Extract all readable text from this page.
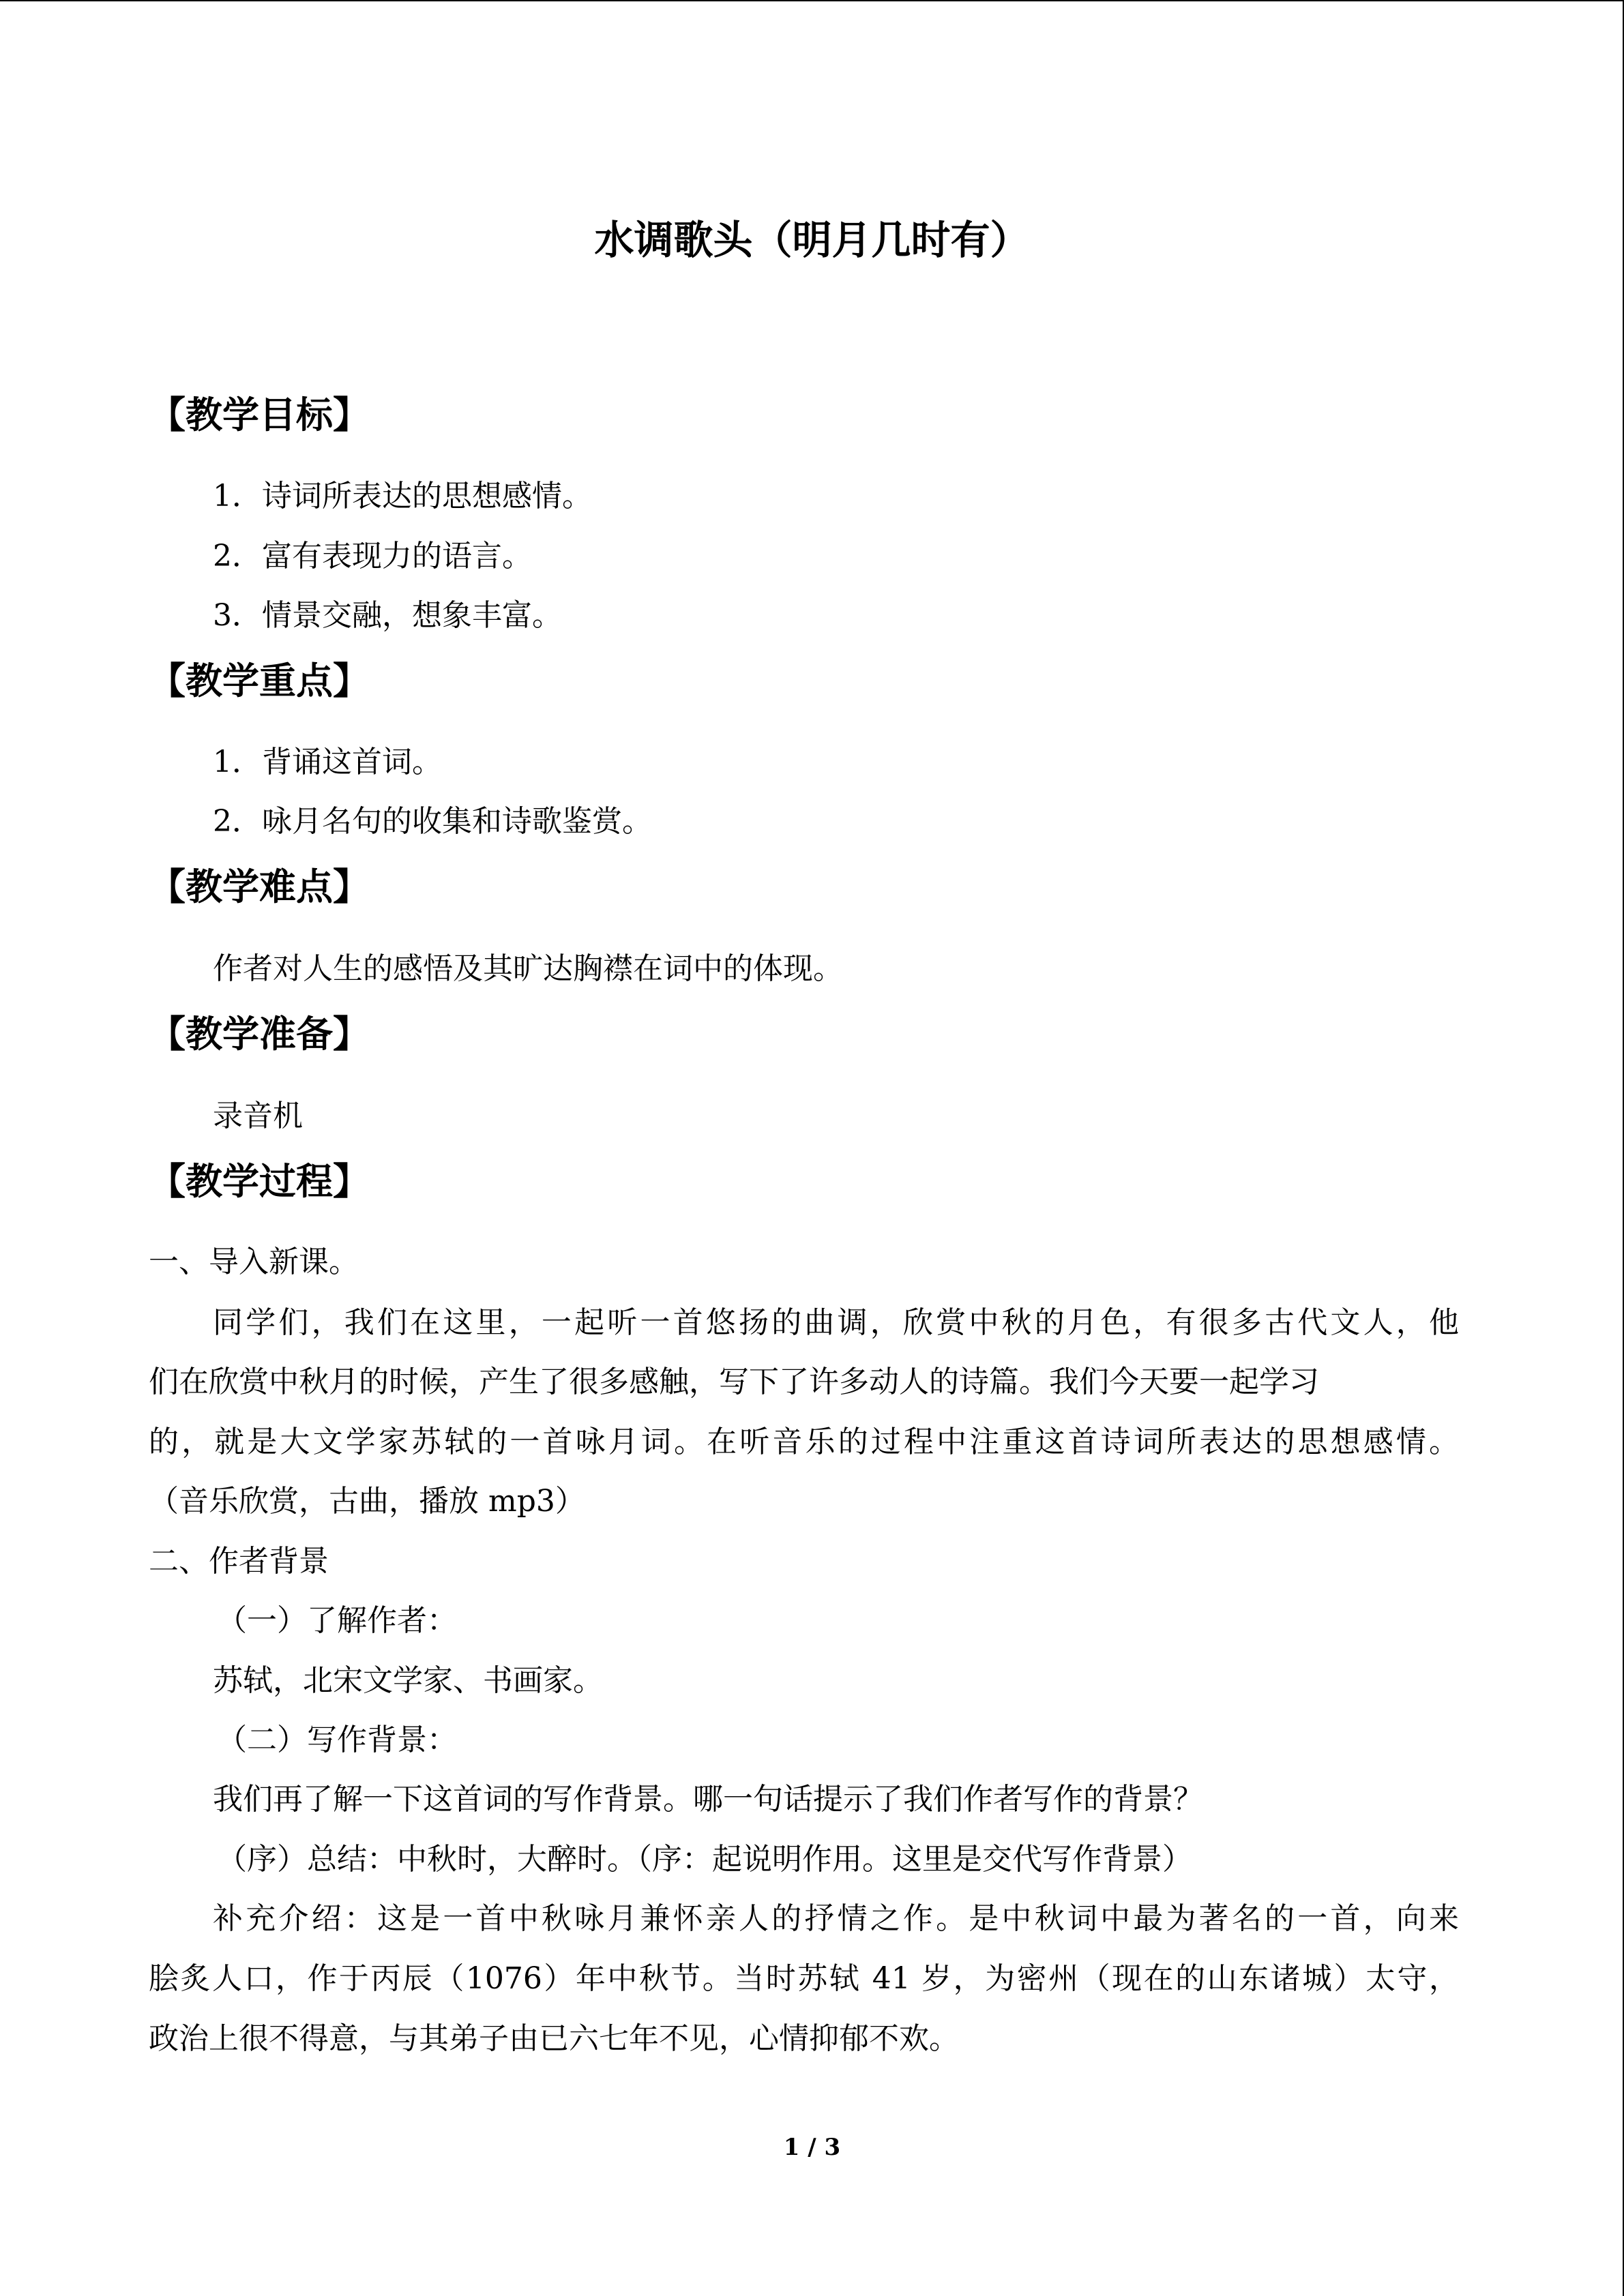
水调歌头（明月几时有）
【教学目标】
1．诗词所表达的思想感情。
2．富有表现力的语言。
3．情景交融，想象丰富。
【教学重点】
1．背诵这首词。
2．咏月名句的收集和诗歌鉴赏。
【教学难点】
作者对人生的感悟及其旷达胸襟在词中的体现。
【教学准备】
录音机
【教学过程】
一、导入新课。
同学们，我们在这里，一起听一首悠扬的曲调，欣赏中秋的月色，有很多古代文人，他
们在欣赏中秋月的时候，产生了很多感触，写下了许多动人的诗篇。我们今天要一起学习
的，就是大文学家苏轼的一首咏月词。在听音乐的过程中注重这首诗词所表达的思想感情。
（音乐欣赏，古曲，播放 mp3）
二、作者背景
（一）了解作者：
苏轼，北宋文学家、书画家。
（二）写作背景：
我们再了解一下这首词的写作背景。哪一句话提示了我们作者写作的背景？
（序）总结：中秋时，大醉时。（序：起说明作用。这里是交代写作背景）
补充介绍：这是一首中秋咏月兼怀亲人的抒情之作。是中秋词中最为著名的一首，向来
脍炙人口，作于丙辰（1076）年中秋节。当时苏轼 41 岁，为密州（现在的山东诸城）太守，
政治上很不得意，与其弟子由已六七年不见，心情抑郁不欢。
1 / 3
